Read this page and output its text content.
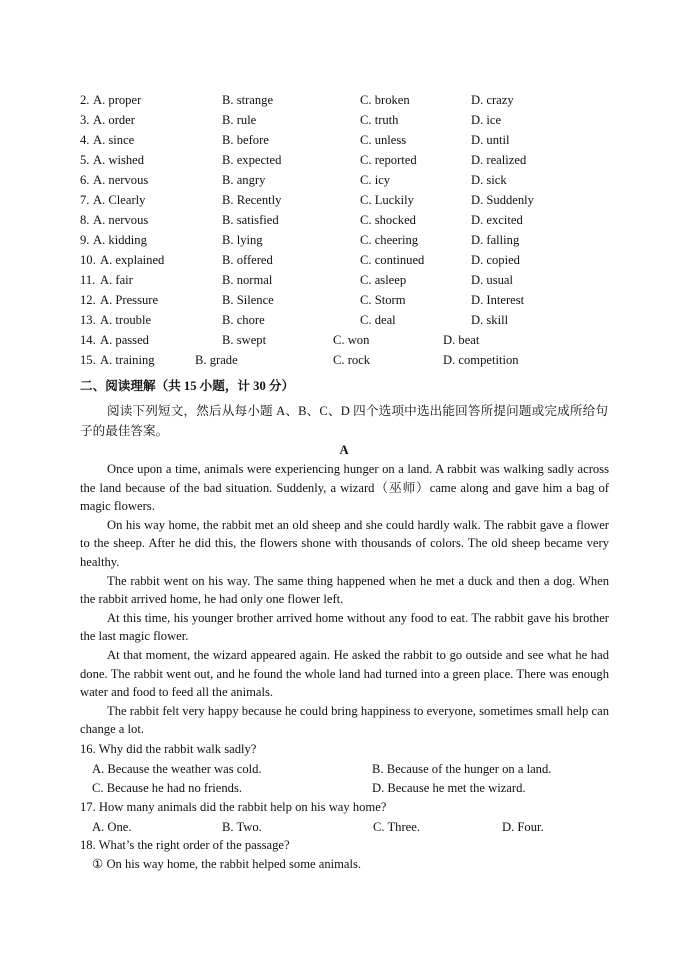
2. A. proper	B. strange	C. broken	D. crazy
3. A. order	B. rule	C. truth	D. ice
4. A. since	B. before	C. unless	D. until
5. A. wished	B. expected	C. reported	D. realized
6. A. nervous	B. angry	C. icy	D. sick
7. A. Clearly	B. Recently	C. Luckily	D. Suddenly
8. A. nervous	B. satisfied	C. shocked	D. excited
9. A. kidding	B. lying	C. cheering	D. falling
10. A. explained	B. offered	C. continued	D. copied
11. A. fair	B. normal	C. asleep	D. usual
12. A. Pressure	B. Silence	C. Storm	D. Interest
13. A. trouble	B. chore	C. deal	D. skill
14. A. passed	B. swept	C. won	D. beat
15. A. training	B. grade	C. rock	D. competition
二、阅读理解（共 15 小题，计 30 分）
阅读下列短文，然后从每小题 A、B、C、D 四个选项中选出能回答所提问题或完成所给句子的最佳答案。
A

Once upon a time, animals were experiencing hunger on a land. A rabbit was walking sadly across the land because of the bad situation. Suddenly, a wizard（巫师）came along and gave him a bag of magic flowers.

On his way home, the rabbit met an old sheep and she could hardly walk. The rabbit gave a flower to the sheep. After he did this, the flowers shone with thousands of colors. The old sheep became very healthy.

The rabbit went on his way. The same thing happened when he met a duck and then a dog. When the rabbit arrived home, he had only one flower left.

At this time, his younger brother arrived home without any food to eat. The rabbit gave his brother the last magic flower.

At that moment, the wizard appeared again. He asked the rabbit to go outside and see what he had done. The rabbit went out, and he found the whole land had turned into a green place. There was enough water and food to feed all the animals.

The rabbit felt very happy because he could bring happiness to everyone, sometimes small help can change a lot.

16. Why did the rabbit walk sadly?
A. Because the weather was cold.	B. Because of the hunger on a land.
C. Because he had no friends.	D. Because he met the wizard.
17. How many animals did the rabbit help on his way home?
A. One.	B. Two.	C. Three.	D. Four.
18. What’s the right order of the passage?
① On his way home, the rabbit helped some animals.
